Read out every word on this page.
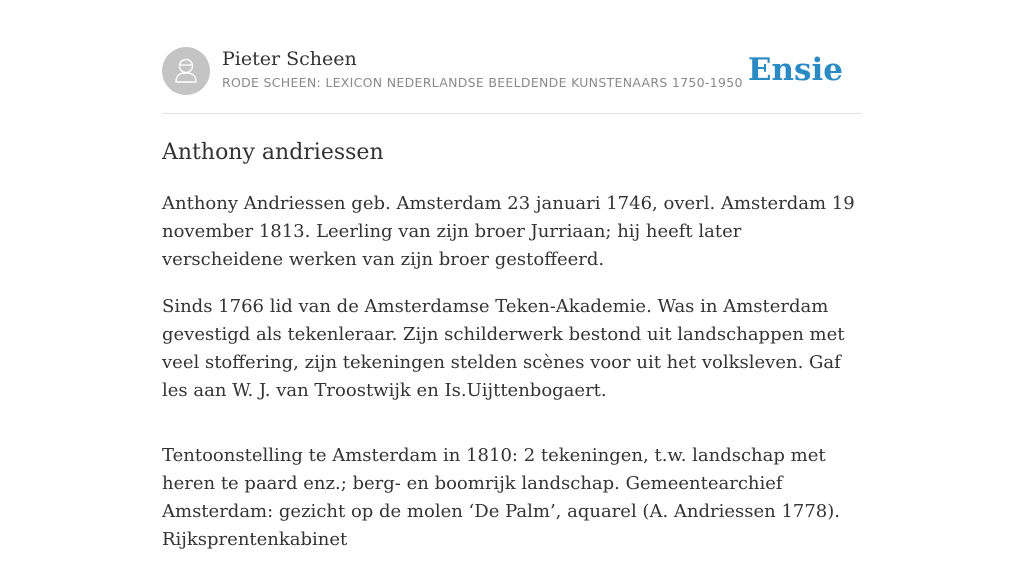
Pieter Scheen
RODE SCHEEN: LEXICON NEDERLANDSE BEELDENDE KUNSTENAARS 1750-1950 Ensie
Anthony andriessen

Anthony Andriessen geb. Amsterdam 23 januari 1746, overl. Amsterdam 19 november 1813. Leerling van zijn broer Jurriaan; hij heeft later verscheidene werken van zijn broer gestoffeerd.

Sinds 1766 lid van de Amsterdamse Teken-Akademie. Was in Amsterdam gevestigd als tekenleraar. Zijn schilderwerk bestond uit landschappen met veel stoffering, zijn tekeningen stelden scènes voor uit het volksleven. Gaf les aan W. J. van Troostwijk en Is.Uijttenbogaert.

Tentoonstelling te Amsterdam in 1810: 2 tekeningen, t.w. landschap met heren te paard enz.; berg- en boomrijk landschap. Gemeentearchief Amsterdam: gezicht op de molen ‘De Palm’, aquarel (A. Andriessen 1778). Rijksprentenkabinet
